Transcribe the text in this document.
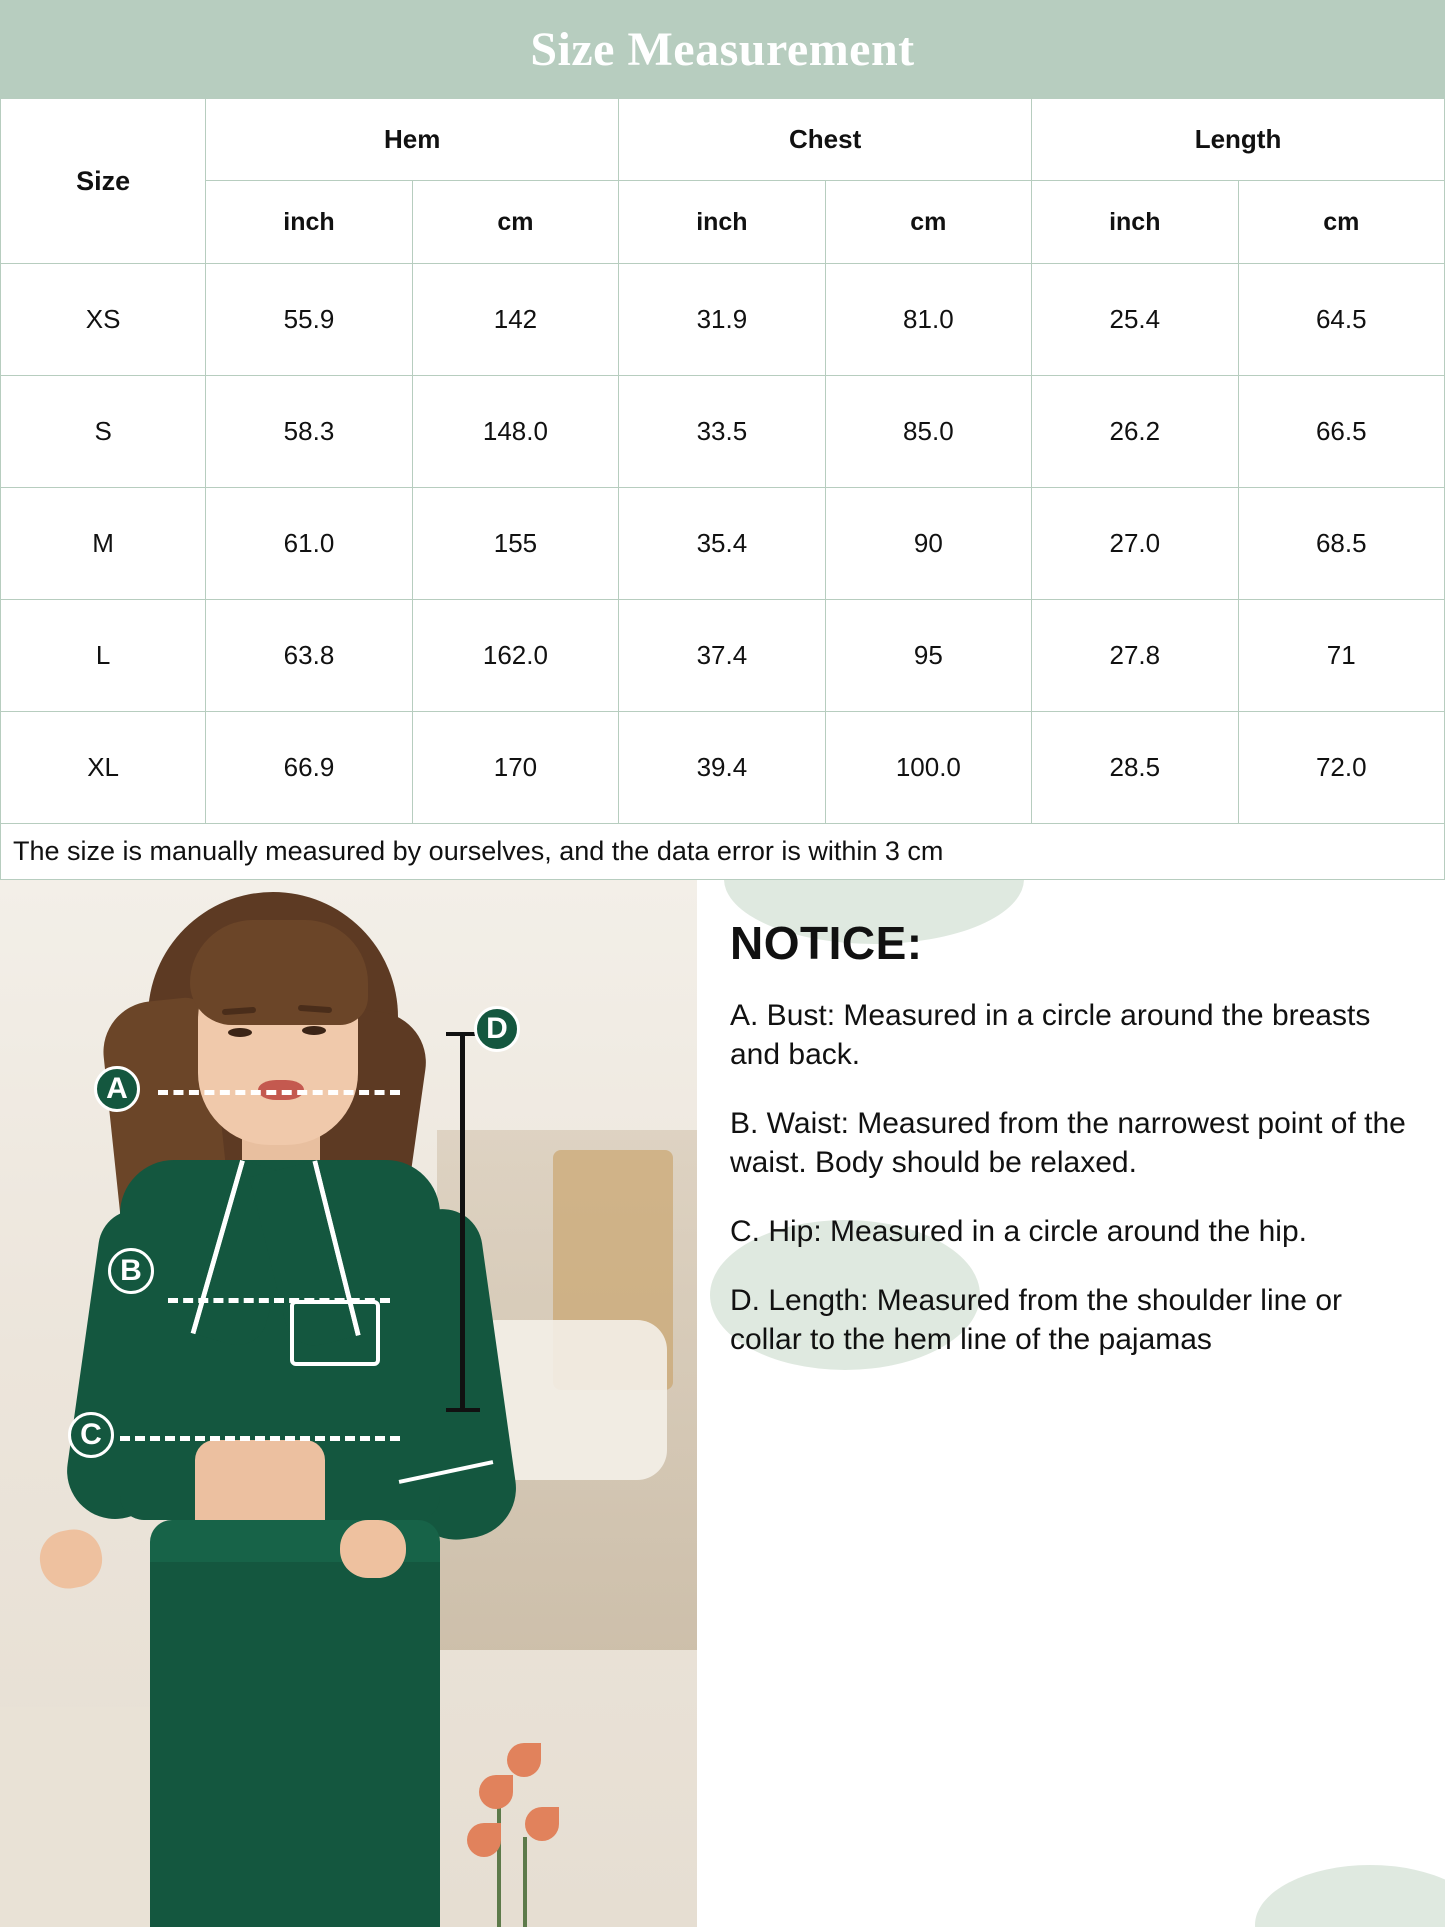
Size Measurement
Size	Hem		Chest		Length	
	inch	cm	inch	cm	inch	cm
XS	55.9	142	31.9	81.0	25.4	64.5
S	58.3	148.0	33.5	85.0	26.2	66.5
M	61.0	155	35.4	90	27.0	68.5
L	63.8	162.0	37.4	95	27.8	71
XL	66.9	170	39.4	100.0	28.5	72.0
The size is manually measured by ourselves, and the data error is within 3 cm
A
B
C
D
NOTICE:

A. Bust: Measured in a circle around the breasts and back.

B. Waist: Measured from the narrowest point of the waist. Body should be relaxed.

C. Hip: Measured in a circle around the hip.

D. Length: Measured from the shoulder line or collar to the hem line of the pajamas
